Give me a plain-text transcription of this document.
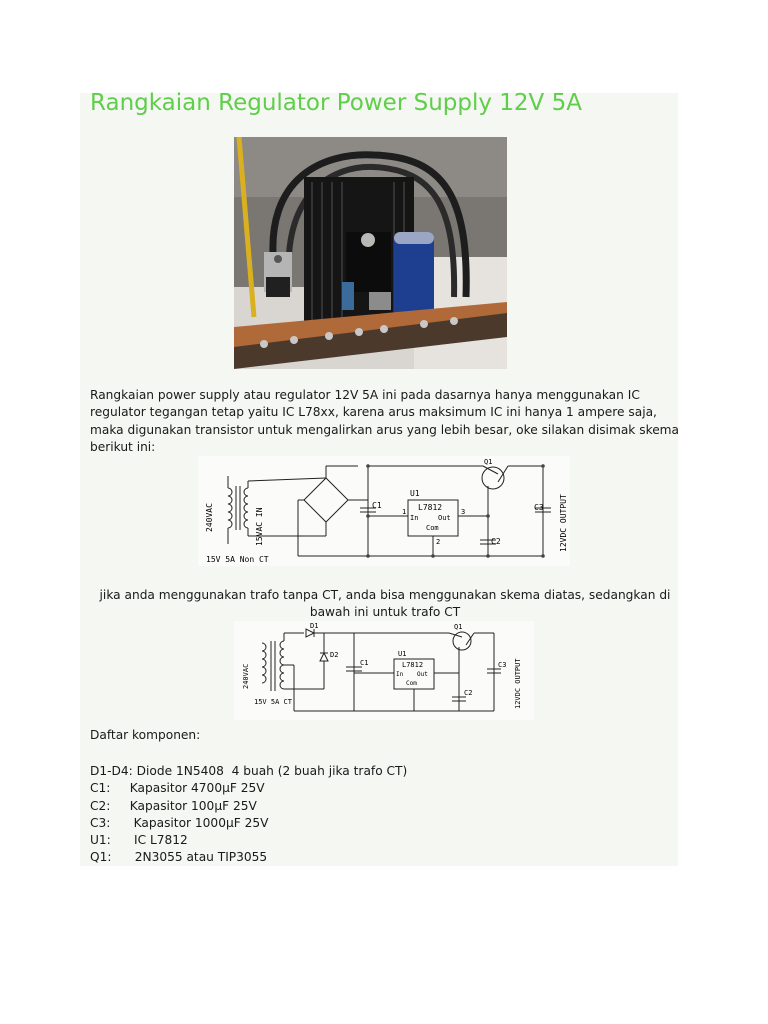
Rangkaian Regulator Power Supply 12V 5A

Rangkaian power supply atau regulator 12V 5A ini pada dasarnya hanya menggunakan IC regulator tegangan tetap yaitu IC L78xx, karena arus maksimum IC ini hanya 1 ampere saja, maka digunakan transistor untuk mengalirkan arus yang lebih besar, oke silakan disimak skema berikut ini:

240VAC	15VAC IN
15V 5A Non CT
C1
C2
C3
U1
L7812
In	Out
Com
1
2
3
Q1
12VDC OUTPUT

jika anda menggunakan trafo tanpa CT, anda bisa menggunakan skema diatas, sedangkan di bawah ini untuk trafo CT

240VAC
15V 5A CT
D1
D2
C1
C2
C3
U1
L7812
In Out
Com
Q1
12VDC OUTPUT

Daftar komponen:

D1-D4: Diode 1N5408  4 buah (2 buah jika trafo CT)
C1: Kapasitor 4700µF 25V
C2: Kapasitor 100µF 25V
C3: Kapasitor 1000µF 25V
U1: IC L7812
Q1: 2N3055 atau TIP3055
